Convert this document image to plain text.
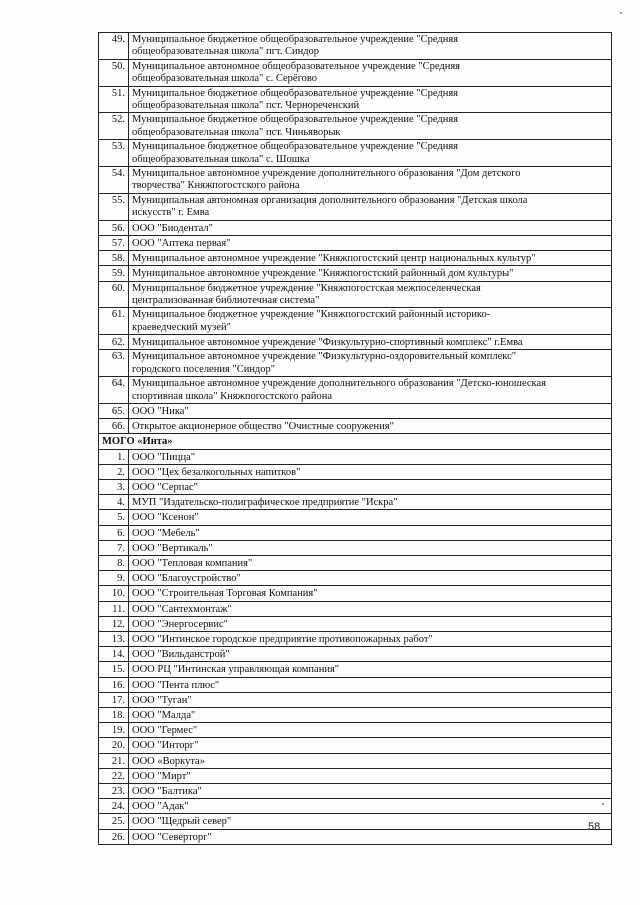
49. Муниципальное бюджетное общеобразовательное учреждение "Средняя
общеобразовательная школа" пгт. Синдор
50. Муниципальное автономное общеобразовательное учреждение "Средняя
общеобразовательная школа" с. Серёгово
51. Муниципальное бюджетное общеобразовательное учреждение "Средняя
общеобразовательная школа" пст. Чернореченский
52. Муниципальное бюджетное общеобразовательное учреждение "Средняя
общеобразовательная школа" пст. Чиньяворык
53. Муниципальное бюджетное общеобразовательное учреждение "Средняя
общеобразовательная школа" с. Шошка
54. Муниципальное автономное учреждение дополнительного образования "Дом детского
творчества" Княжпогостского района
55. Муниципальная автономная организация дополнительного образования "Детская школа
искусств" г. Емва
56. ООО "Биодентал"
57. ООО "Аптека первая"
58. Муниципальное автономное учреждение "Княжпогостский центр национальных культур"
59. Муниципальное автономное учреждение "Княжпогостский районный дом культуры"
60. Муниципальное бюджетное учреждение "Княжпогостская межпоселенческая
централизованная библиотечная система"
61. Муниципальное бюджетное учреждение "Княжпогостский районный историко-
краеведческий музей"
62. Муниципальное автономное учреждение "Физкультурно-спортивный комплекс" г.Емва
63. Муниципальное автономное учреждение "Физкультурно-оздоровительный комплекс"
городского поселения "Синдор"
64. Муниципальное автономное учреждение дополнительного образования "Детско-юношеская
спортивная школа" Княжпогостского района
65. ООО "Ника"
66. Открытое акционерное общество "Очистные сооружения"
МОГО «Инта»
1. ООО "Пицца"
2. ООО "Цех безалкогольных напитков"
3. ООО "Серпас"
4. МУП "Издательско-полиграфическое предприятие "Искра"
5. ООО "Ксенон"
6. ООО "Мебель"
7. ООО "Вертикаль"
8. ООО "Тепловая компания"
9. ООО "Благоустройство"
10. ООО "Строительная Торговая Компания"
11. ООО "Сантехмонтаж"
12. ООО "Энергосервис"
13. ООО "Интинское городское предприятие противопожарных работ"
14. ООО "Вильданстрой"
15. ООО РЦ "Интинская управляющая компания"
16. ООО "Пента плюс"
17. ООО "Туган"
18. ООО "Малда"
19. ООО "Гермес"
20. ООО "Инторг"
21. ООО «Воркута»
22. ООО "Мирт"
23. ООО "Балтика"
24. ООО "Адак"
25. ООО "Щедрый север"
26. ООО "Северторг"
58
